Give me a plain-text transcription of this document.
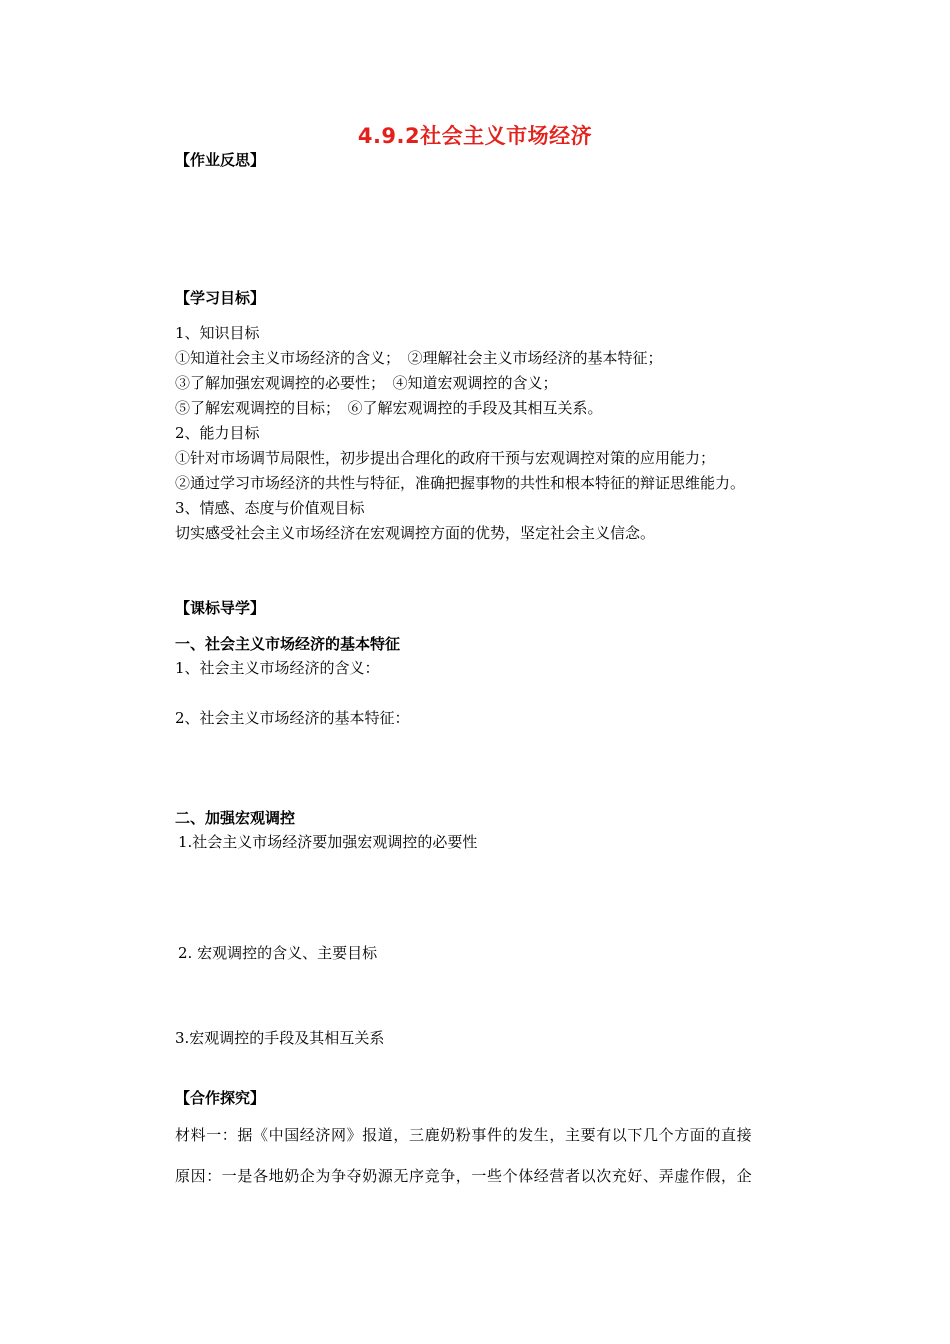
4.9.2社会主义市场经济
【作业反思】
【学习目标】
1、知识目标
①知道社会主义市场经济的含义；　②理解社会主义市场经济的基本特征；
③了解加强宏观调控的必要性；　④知道宏观调控的含义；
⑤了解宏观调控的目标；　⑥了解宏观调控的手段及其相互关系。
2、能力目标
①针对市场调节局限性，初步提出合理化的政府干预与宏观调控对策的应用能力；
②通过学习市场经济的共性与特征，准确把握事物的共性和根本特征的辩证思维能力。
3、情感、态度与价值观目标
切实感受社会主义市场经济在宏观调控方面的优势，坚定社会主义信念。
【课标导学】
一、社会主义市场经济的基本特征
1、社会主义市场经济的含义：
2、社会主义市场经济的基本特征：
二、加强宏观调控
1.社会主义市场经济要加强宏观调控的必要性
2. 宏观调控的含义、主要目标
3.宏观调控的手段及其相互关系
【合作探究】
材料一：据《中国经济网》报道，三鹿奶粉事件的发生，主要有以下几个方面的直接
原因：一是各地奶企为争夺奶源无序竞争，一些个体经营者以次充好、弄虚作假，企
